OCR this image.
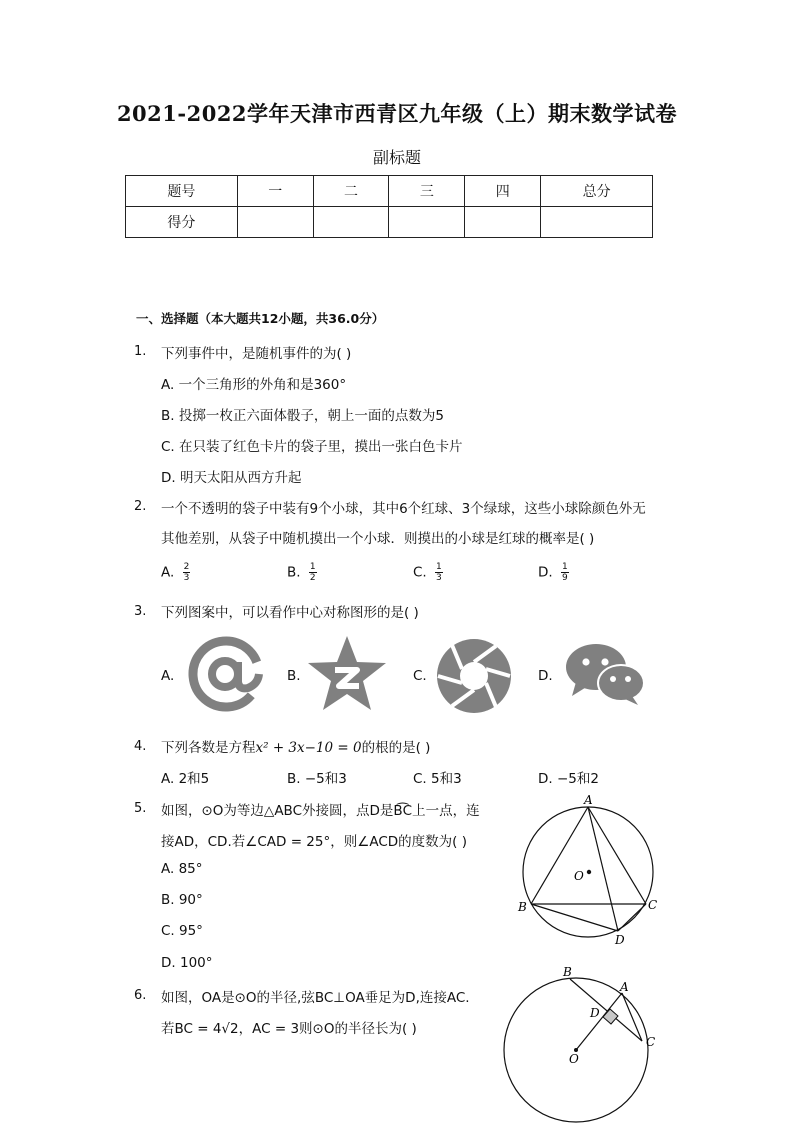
2021-2022学年天津市西青区九年级（上）期末数学试卷
副标题
题号	一	二	三	四	总分
得分					
一、选择题（本大题共12小题，共36.0分）
1. 下列事件中，是随机事件的为( )
A. 一个三角形的外角和是360°
B. 投掷一枚正六面体骰子，朝上一面的点数为5
C. 在只装了红色卡片的袋子里，摸出一张白色卡片
D. 明天太阳从西方升起
2. 一个不透明的袋子中装有9个小球，其中6个红球、3个绿球，这些小球除颜色外无
其他差别，从袋子中随机摸出一个小球．则摸出的小球是红球的概率是( )
A. $\frac{2}{3}$	B. $\frac{1}{2}$	C. $\frac{1}{3}$	D. $\frac{1}{9}$
3. 下列图案中，可以看作中心对称图形的是( )
A.	B.	C.	D.
4. 下列各数是方程x² + 3x−10 = 0的根的是( )
A. 2和5	B. −5和3	C. 5和3	D. −5和2
5. 如图，⊙O为等边△ABC外接圆，点D是B͡C上一点，连
接AD，CD.若∠CAD = 25°，则∠ACD的度数为( )
A. 85°
B. 90°
C. 95°
D. 100°
A
B	C
D
O
6. 如图，OA是⊙O的半径,弦BC⊥OA垂足为D,连接AC.
若BC = 4√2，AC = 3则⊙O的半径长为( )
B
A
D
C
O
